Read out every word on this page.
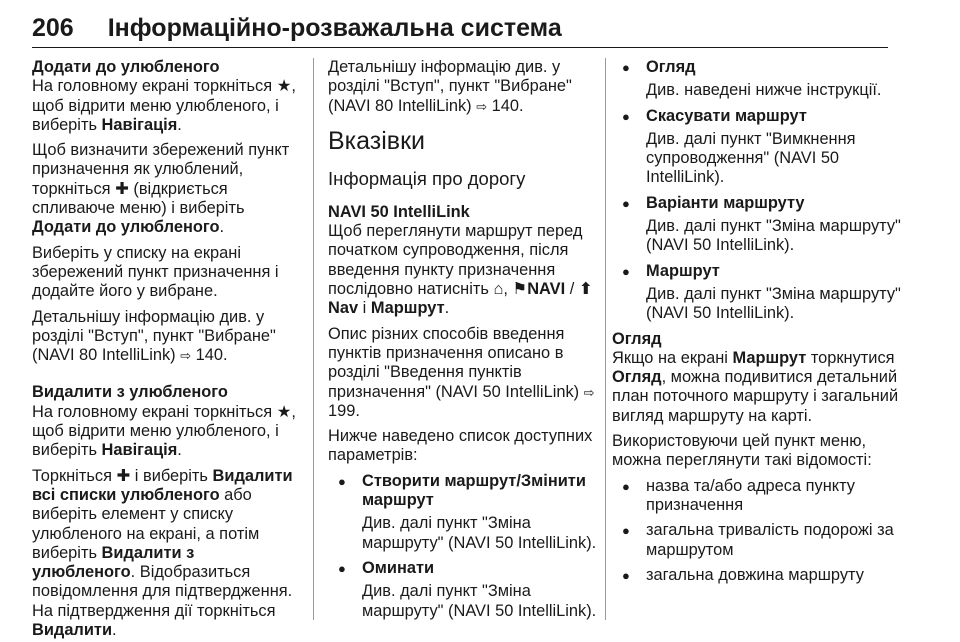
206 Інформаційно-розважальна система
Додати до улюбленого

На головному екрані торкніться ★, щоб відрити меню улюбленого, і виберіть Навігація.

Щоб визначити збережений пункт призначення як улюблений, торкніться ✚ (відкриється спливаюче меню) і виберіть Додати до улюбленого.

Виберіть у списку на екрані збережений пункт призначення і додайте його у вибране.

Детальнішу інформацію див. у розділі "Вступ", пункт "Вибране" (NAVI 80 IntelliLink) ⇨ 140.

Видалити з улюбленого

На головному екрані торкніться ★, щоб відрити меню улюбленого, і виберіть Навігація.

Торкніться ✚ і виберіть Видалити всі списки улюбленого або виберіть елемент у списку улюбленого на екрані, а потім виберіть Видалити з улюбленого. Відобразиться повідомлення для підтвердження. На підтвердження дії торкніться Видалити.

Детальнішу інформацію див. у розділі "Вступ", пункт "Вибране" (NAVI 80 IntelliLink) ⇨ 140.

Вказівки
Інформація про дорогу
NAVI 50 IntelliLink

Щоб переглянути маршрут перед початком супроводження, після введення пункту призначення послідовно натисніть ⌂, ⚑NAVI / ⬆Nav і Маршрут.

Опис різних способів введення пунктів призначення описано в розділі "Введення пунктів призначення" (NAVI 50 IntelliLink) ⇨ 199.

Нижче наведено список доступних параметрів:

● Створити маршрут/Змінити маршрут
Див. далі пункт "Зміна маршруту" (NAVI 50 IntelliLink).
● Оминати
Див. далі пункт "Зміна маршруту" (NAVI 50 IntelliLink).
● Огляд
Див. наведені нижче інструкції.
● Скасувати маршрут
Див. далі пункт "Вимкнення супроводження" (NAVI 50 IntelliLink).
● Варіанти маршруту
Див. далі пункт "Зміна маршруту" (NAVI 50 IntelliLink).
● Маршрут
Див. далі пункт "Зміна маршруту" (NAVI 50 IntelliLink).
Огляд

Якщо на екрані Маршрут торкнутися Огляд, можна подивитися детальний план поточного маршруту і загальний вигляд маршруту на карті.

Використовуючи цей пункт меню, можна переглянути такі відомості:

● назва та/або адреса пункту призначення
● загальна тривалість подорожі за маршрутом
● загальна довжина маршруту
